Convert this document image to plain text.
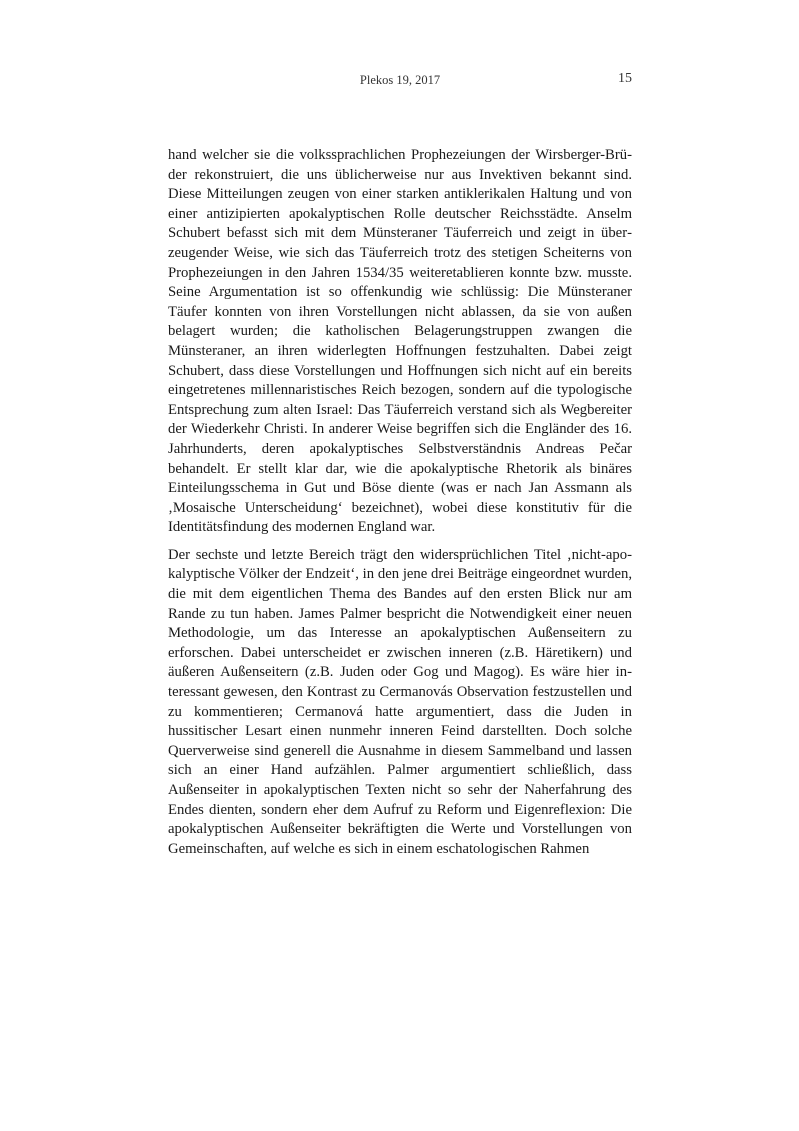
Plekos 19, 2017	15

hand welcher sie die volkssprachlichen Prophezeiungen der Wirsberger-Brüder rekonstruiert, die uns üblicherweise nur aus Invektiven bekannt sind. Diese Mitteilungen zeugen von einer starken antiklerikalen Haltung und von einer antizipierten apokalyptischen Rolle deutscher Reichsstädte. Anselm Schubert befasst sich mit dem Münsteraner Täuferreich und zeigt in überzeugender Weise, wie sich das Täuferreich trotz des stetigen Scheiterns von Prophezeiungen in den Jahren 1534/35 weiteretablieren konnte bzw. musste. Seine Argumentation ist so offenkundig wie schlüssig: Die Münsteraner Täufer konnten von ihren Vorstellungen nicht ablassen, da sie von außen belagert wurden; die katholischen Belagerungstruppen zwangen die Münsteraner, an ihren widerlegten Hoffnungen festzuhalten. Dabei zeigt Schubert, dass diese Vorstellungen und Hoffnungen sich nicht auf ein bereits eingetretenes millennaristisches Reich bezogen, sondern auf die typologische Entsprechung zum alten Israel: Das Täuferreich verstand sich als Wegbereiter der Wiederkehr Christi. In anderer Weise begriffen sich die Engländer des 16. Jahrhunderts, deren apokalyptisches Selbstverständnis Andreas Pečar behandelt. Er stellt klar dar, wie die apokalyptische Rhetorik als binäres Einteilungsschema in Gut und Böse diente (was er nach Jan Assmann als ‚Mosaische Unterscheidung‘ bezeichnet), wobei diese konstitutiv für die Identitätsfindung des modernen England war.

Der sechste und letzte Bereich trägt den widersprüchlichen Titel ‚nicht-apokalyptische Völker der Endzeit‘, in den jene drei Beiträge eingeordnet wurden, die mit dem eigentlichen Thema des Bandes auf den ersten Blick nur am Rande zu tun haben. James Palmer bespricht die Notwendigkeit einer neuen Methodologie, um das Interesse an apokalyptischen Außenseitern zu erforschen. Dabei unterscheidet er zwischen inneren (z.B. Häretikern) und äußeren Außenseitern (z.B. Juden oder Gog und Magog). Es wäre hier interessant gewesen, den Kontrast zu Cermanovás Observation festzustellen und zu kommentieren; Cermanová hatte argumentiert, dass die Juden in hussitischer Lesart einen nunmehr inneren Feind darstellten. Doch solche Querverweise sind generell die Ausnahme in diesem Sammelband und lassen sich an einer Hand aufzählen. Palmer argumentiert schließlich, dass Außenseiter in apokalyptischen Texten nicht so sehr der Naherfahrung des Endes dienten, sondern eher dem Aufruf zu Reform und Eigenreflexion: Die apokalyptischen Außenseiter bekräftigten die Werte und Vorstellungen von Gemeinschaften, auf welche es sich in einem eschatologischen Rahmen
